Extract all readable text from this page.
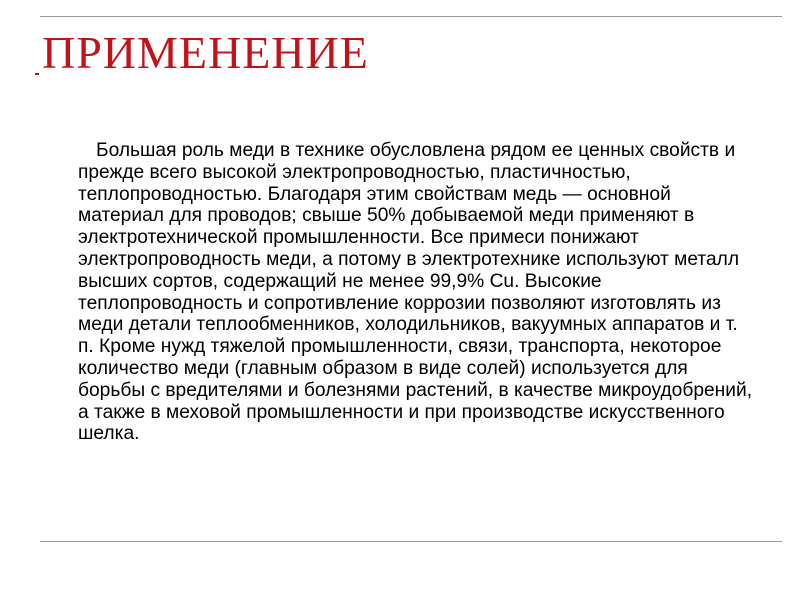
ПРИМЕНЕНИЕ

Большая роль меди в технике обусловлена рядом ее ценных свойств и прежде всего высокой электропроводностью, пластичностью, теплопроводностью. Благодаря этим свойствам медь — основной материал для проводов; свыше 50% добываемой меди применяют в электротехнической промышленности. Все примеси понижают электропроводность меди, а потому в электротехнике используют металл высших сортов, содержащий не менее 99,9% Cu. Высокие теплопроводность и сопротивление коррозии позволяют изготовлять из меди детали теплообменников, холодильников, вакуумных аппаратов и т. п. Кроме нужд тяжелой промышленности, связи, транспорта, некоторое количество меди (главным образом в виде солей) используется для борьбы с вредителями и болезнями растений, в качестве микроудобрений, а также в меховой промышленности и при производстве искусственного шелка.
